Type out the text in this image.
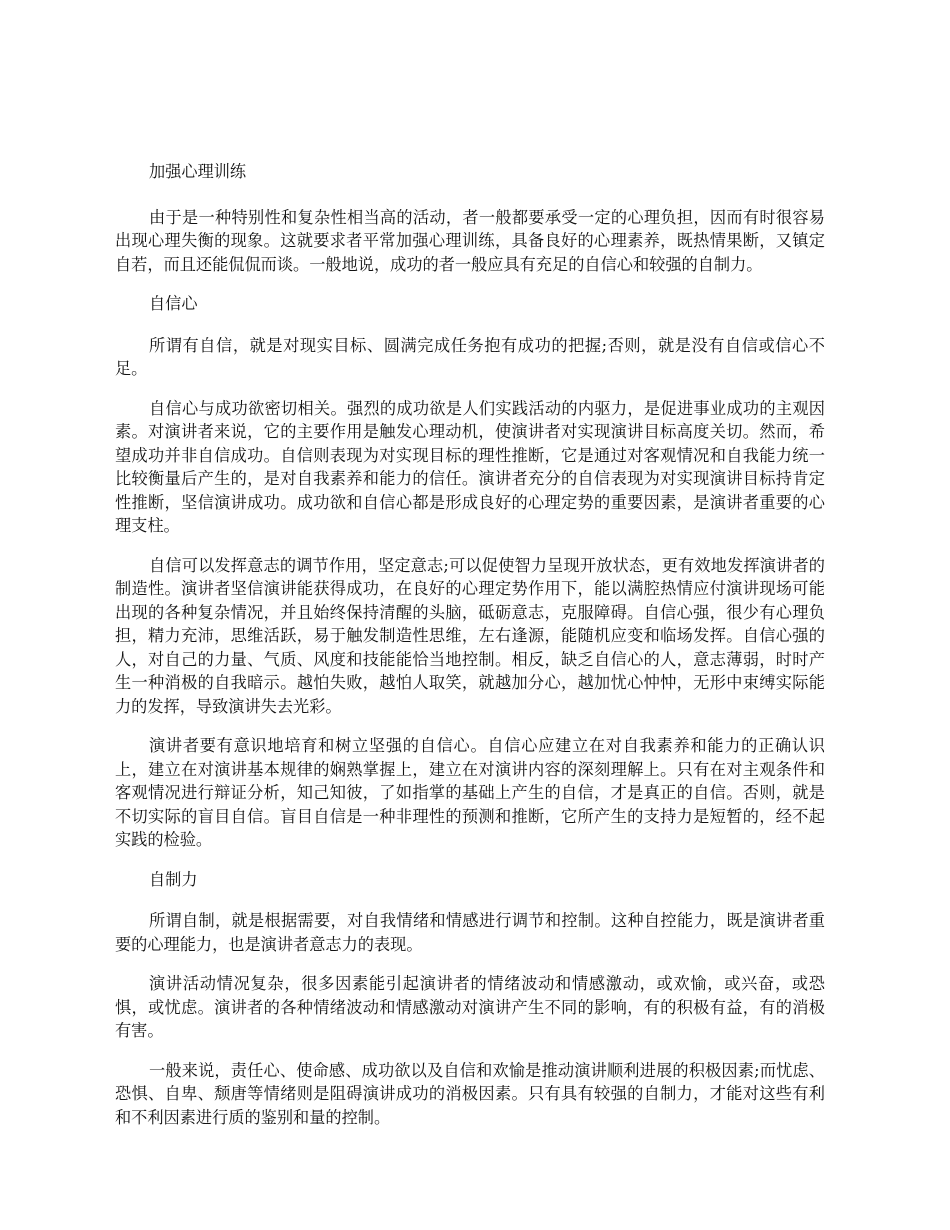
加强心理训练

由于是一种特别性和复杂性相当高的活动，者一般都要承受一定的心理负担，因而有时很容易出现心理失衡的现象。这就要求者平常加强心理训练，具备良好的心理素养，既热情果断，又镇定自若，而且还能侃侃而谈。一般地说，成功的者一般应具有充足的自信心和较强的自制力。

自信心

所谓有自信，就是对现实目标、圆满完成任务抱有成功的把握;否则，就是没有自信或信心不足。

自信心与成功欲密切相关。强烈的成功欲是人们实践活动的内驱力，是促进事业成功的主观因素。对演讲者来说，它的主要作用是触发心理动机，使演讲者对实现演讲目标高度关切。然而，希望成功并非自信成功。自信则表现为对实现目标的理性推断，它是通过对客观情况和自我能力统一比较衡量后产生的，是对自我素养和能力的信任。演讲者充分的自信表现为对实现演讲目标持肯定性推断，坚信演讲成功。成功欲和自信心都是形成良好的心理定势的重要因素，是演讲者重要的心理支柱。

自信可以发挥意志的调节作用，坚定意志;可以促使智力呈现开放状态，更有效地发挥演讲者的制造性。演讲者坚信演讲能获得成功，在良好的心理定势作用下，能以满腔热情应付演讲现场可能出现的各种复杂情况，并且始终保持清醒的头脑，砥砺意志，克服障碍。自信心强，很少有心理负担，精力充沛，思维活跃，易于触发制造性思维，左右逢源，能随机应变和临场发挥。自信心强的人，对自己的力量、气质、风度和技能能恰当地控制。相反，缺乏自信心的人，意志薄弱，时时产生一种消极的自我暗示。越怕失败，越怕人取笑，就越加分心，越加忧心忡忡，无形中束缚实际能力的发挥，导致演讲失去光彩。

演讲者要有意识地培育和树立坚强的自信心。自信心应建立在对自我素养和能力的正确认识上，建立在对演讲基本规律的娴熟掌握上，建立在对演讲内容的深刻理解上。只有在对主观条件和客观情况进行辩证分析，知己知彼，了如指掌的基础上产生的自信，才是真正的自信。否则，就是不切实际的盲目自信。盲目自信是一种非理性的预测和推断，它所产生的支持力是短暂的，经不起实践的检验。

自制力

所谓自制，就是根据需要，对自我情绪和情感进行调节和控制。这种自控能力，既是演讲者重要的心理能力，也是演讲者意志力的表现。

演讲活动情况复杂，很多因素能引起演讲者的情绪波动和情感激动，或欢愉，或兴奋，或恐惧，或忧虑。演讲者的各种情绪波动和情感激动对演讲产生不同的影响，有的积极有益，有的消极有害。

一般来说，责任心、使命感、成功欲以及自信和欢愉是推动演讲顺利进展的积极因素;而忧虑、恐惧、自卑、颓唐等情绪则是阻碍演讲成功的消极因素。只有具有较强的自制力，才能对这些有利和不利因素进行质的鉴别和量的控制。
